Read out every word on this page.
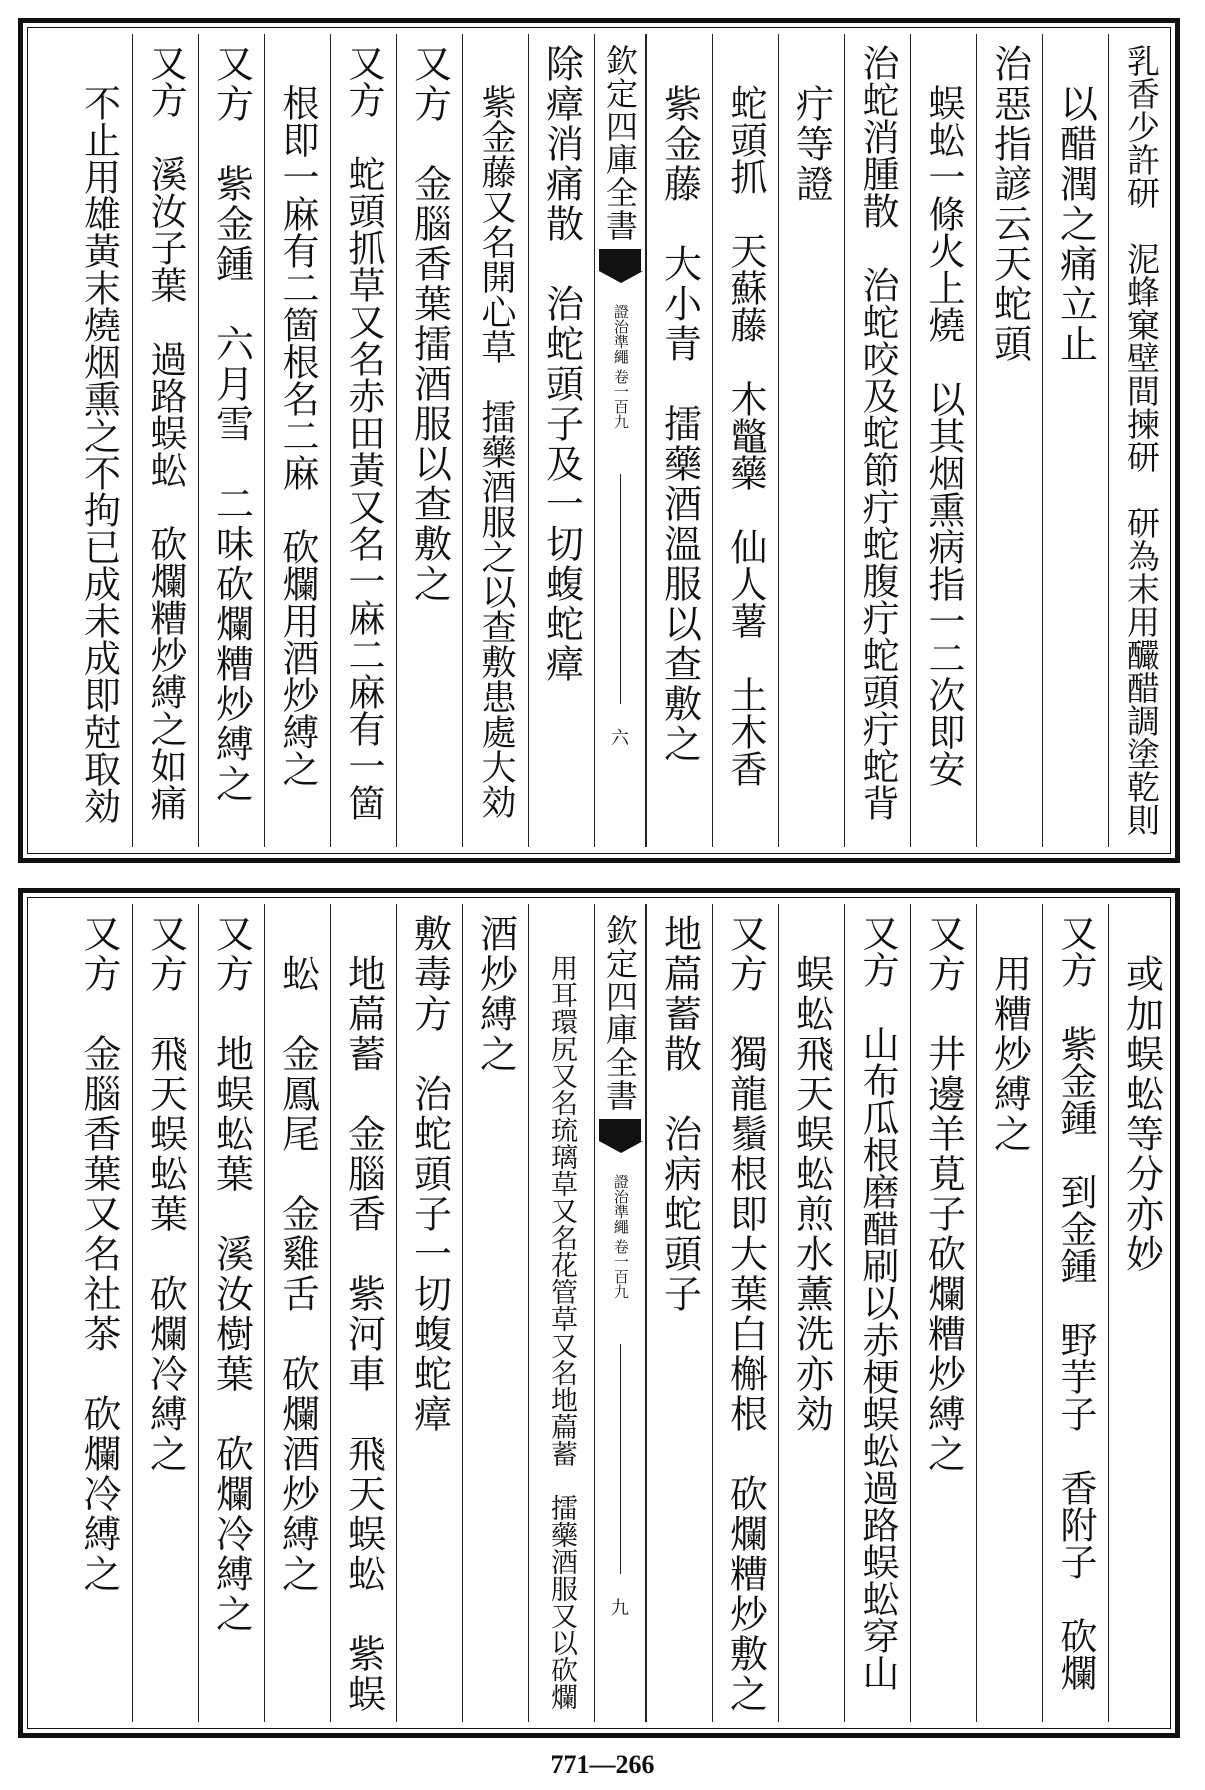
乳香少許研　泥蜂窠壁間揀研　研為末用釅醋調塗乾則
以醋潤之痛立止
治惡指諺云天蛇頭
蜈蚣一條火上燒　以其烟熏病指一二次即安
治蛇消腫散　治蛇咬及蛇節疔蛇腹疔蛇頭疔蛇背
疔等證
蛇頭抓　天蘇藤　木鼈藥　仙人薯　土木香
紫金藤　大小青　擂藥酒溫服以查敷之
欽定四庫全書
證治準繩 卷一百九
六
除瘴消痛散　治蛇頭子及一切蝮蛇瘴
紫金藤又名開心草　擂藥酒服之以查敷患處大効
又方　金腦香葉擂酒服以查敷之
又方　蛇頭抓草又名赤田黃又名一麻二麻有一箇
根即一麻有二箇根名二麻　砍爛用酒炒縛之
又方　紫金鍾　六月雪　二味砍爛糟炒縛之
又方　溪汝子葉　過路蜈蚣　砍爛糟炒縛之如痛
不止用雄黃末燒烟熏之不拘已成未成即尅取効
或加蜈蚣等分亦妙
又方　紫金鍾　到金鍾　野芋子　香附子　砍爛
用糟炒縛之
又方　井邊羊莧子砍爛糟炒縛之
又方　山布瓜根磨醋刷以赤梗蜈蚣過路蜈蚣穿山
蜈蚣飛天蜈蚣煎水薰洗亦効
又方　獨龍鬚根即大葉白槲根　砍爛糟炒敷之
地萹蓄散　治病蛇頭子
欽定四庫全書
證治準繩 卷一百九
九
用耳環尻又名琉璃草又名花管草又名地萹蓄　擂藥酒服又以砍爛
酒炒縛之
敷毒方　治蛇頭子一切蝮蛇瘴
地萹蓄　金腦香　紫河車　飛天蜈蚣　紫蜈
蚣　金鳳尾　金雞舌　砍爛酒炒縛之
又方　地蜈蚣葉　溪汝樹葉　砍爛冷縛之
又方　飛天蜈蚣葉　砍爛冷縛之
又方　金腦香葉又名社茶　砍爛冷縛之
771—266
